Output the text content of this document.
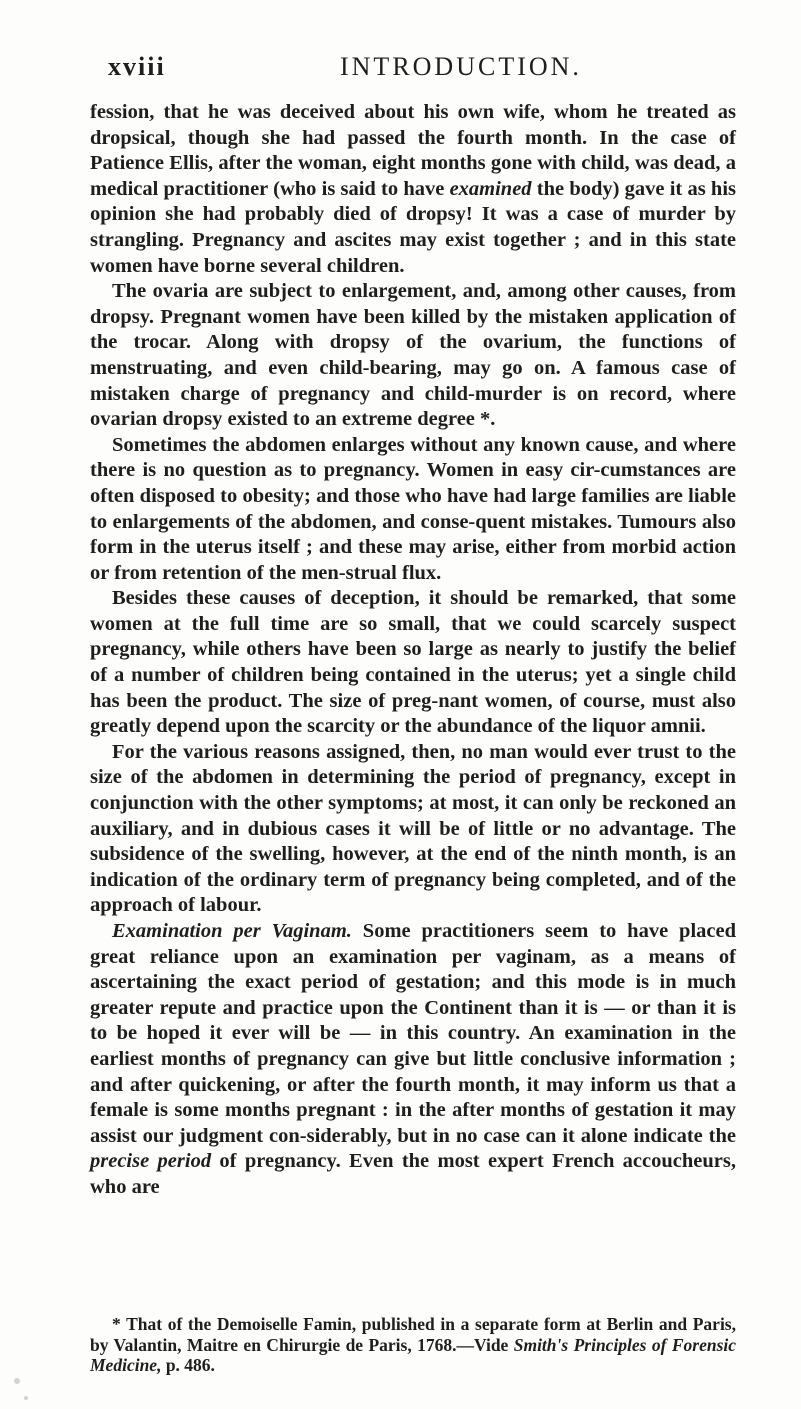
xviii	INTRODUCTION.

fession, that he was deceived about his own wife, whom he treated as dropsical, though she had passed the fourth month. In the case of Patience Ellis, after the woman, eight months gone with child, was dead, a medical practitioner (who is said to have examined the body) gave it as his opinion she had probably died of dropsy! It was a case of murder by strangling. Pregnancy and ascites may exist together ; and in this state women have borne several children.

The ovaria are subject to enlargement, and, among other causes, from dropsy. Pregnant women have been killed by the mistaken application of the trocar. Along with dropsy of the ovarium, the functions of menstruating, and even child-bearing, may go on. A famous case of mistaken charge of pregnancy and child-murder is on record, where ovarian dropsy existed to an extreme degree *.

Sometimes the abdomen enlarges without any known cause, and where there is no question as to pregnancy. Women in easy cir-cumstances are often disposed to obesity; and those who have had large families are liable to enlargements of the abdomen, and conse-quent mistakes. Tumours also form in the uterus itself ; and these may arise, either from morbid action or from retention of the men-strual flux.

Besides these causes of deception, it should be remarked, that some women at the full time are so small, that we could scarcely suspect pregnancy, while others have been so large as nearly to justify the belief of a number of children being contained in the uterus; yet a single child has been the product. The size of preg-nant women, of course, must also greatly depend upon the scarcity or the abundance of the liquor amnii.

For the various reasons assigned, then, no man would ever trust to the size of the abdomen in determining the period of pregnancy, except in conjunction with the other symptoms; at most, it can only be reckoned an auxiliary, and in dubious cases it will be of little or no advantage. The subsidence of the swelling, however, at the end of the ninth month, is an indication of the ordinary term of pregnancy being completed, and of the approach of labour.

Examination per Vaginam. Some practitioners seem to have placed great reliance upon an examination per vaginam, as a means of ascertaining the exact period of gestation; and this mode is in much greater repute and practice upon the Continent than it is — or than it is to be hoped it ever will be — in this country. An examination in the earliest months of pregnancy can give but little conclusive information ; and after quickening, or after the fourth month, it may inform us that a female is some months pregnant : in the after months of gestation it may assist our judgment con-siderably, but in no case can it alone indicate the precise period of pregnancy. Even the most expert French accoucheurs, who are

* That of the Demoiselle Famin, published in a separate form at Berlin and Paris, by Valantin, Maitre en Chirurgie de Paris, 1768.—Vide Smith's Principles of Forensic Medicine, p. 486.
